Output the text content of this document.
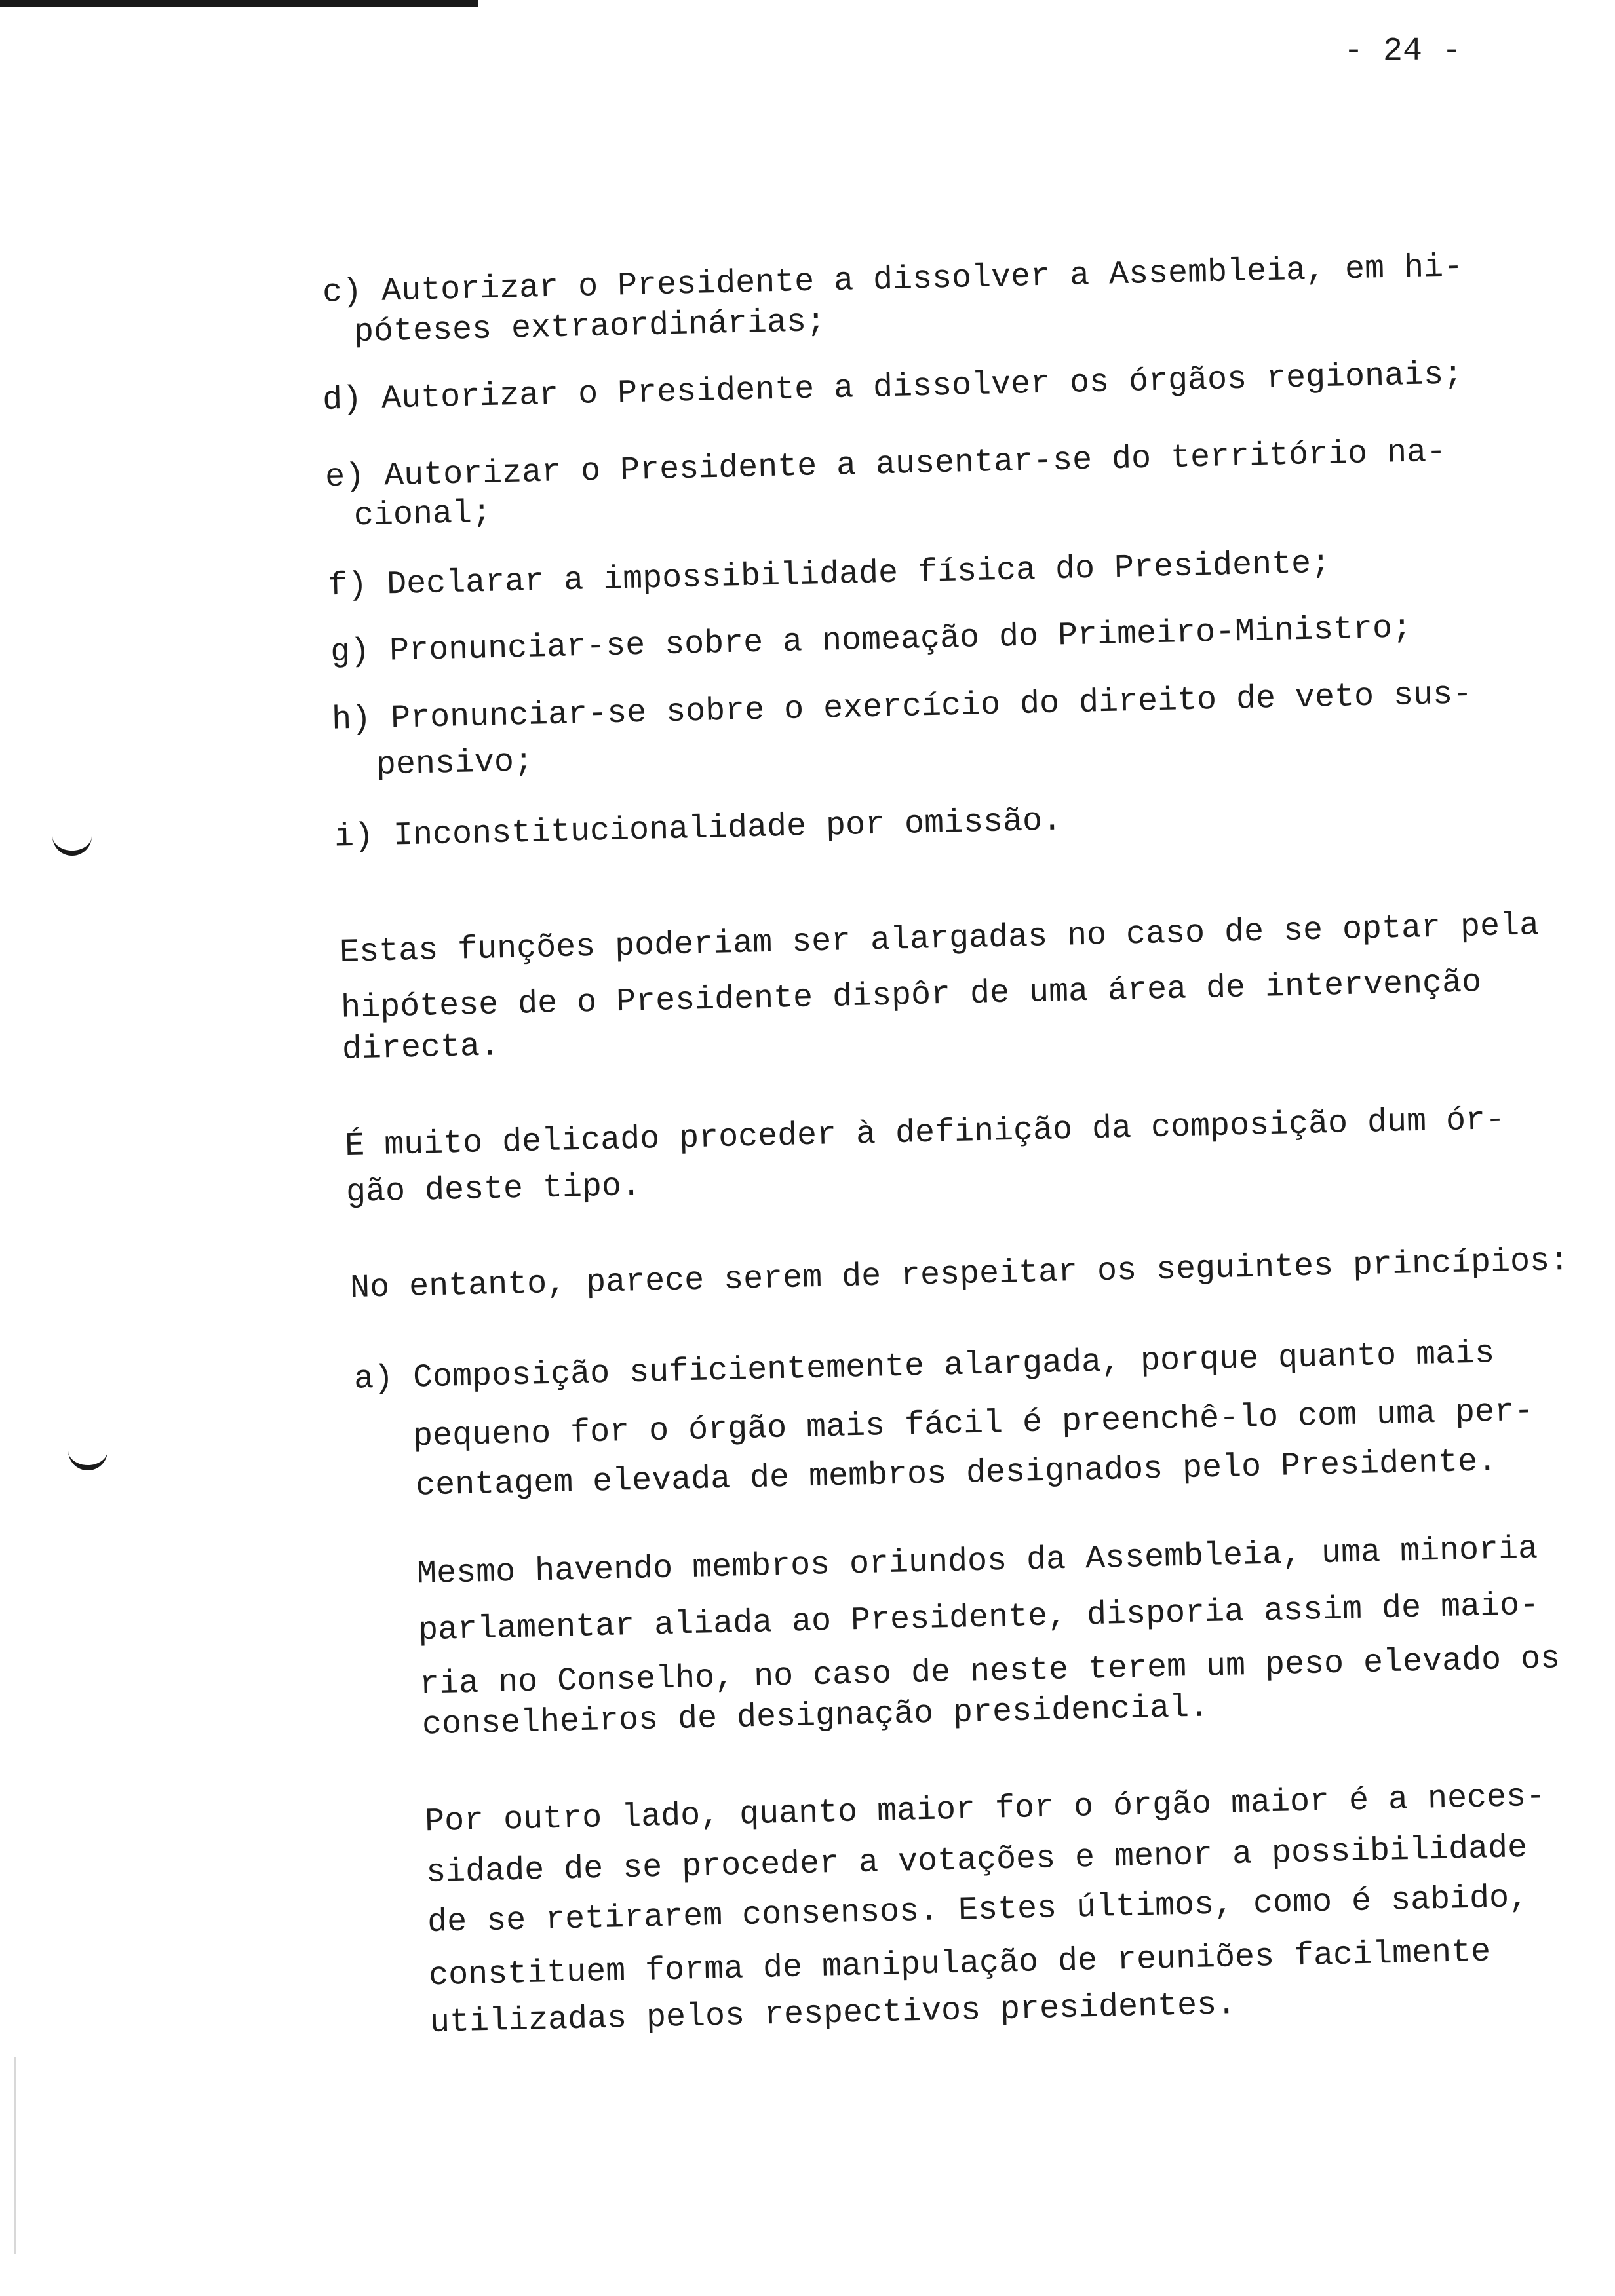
- 24 -
c) Autorizar o Presidente a dissolver a Assembleia, em hi-
póteses extraordinárias;
d) Autorizar o Presidente a dissolver os órgãos regionais;
e) Autorizar o Presidente a ausentar-se do território na-
cional;
f) Declarar a impossibilidade física do Presidente;
g) Pronunciar-se sobre a nomeação do Primeiro-Ministro;
h) Pronunciar-se sobre o exercício do direito de veto sus-
pensivo;
i) Inconstitucionalidade por omissão.
Estas funções poderiam ser alargadas no caso de se optar pela
hipótese de o Presidente dispôr de uma área de intervenção
directa.
É muito delicado proceder à definição da composição dum ór-
gão deste tipo.
No entanto, parece serem de respeitar os seguintes princípios:
a) Composição suficientemente alargada, porque quanto mais
pequeno for o órgão mais fácil é preenchê-lo com uma per-
centagem elevada de membros designados pelo Presidente.
Mesmo havendo membros oriundos da Assembleia, uma minoria
parlamentar aliada ao Presidente, disporia assim de maio-
ria no Conselho, no caso de neste terem um peso elevado os
conselheiros de designação presidencial.
Por outro lado, quanto maior for o órgão maior é a neces-
sidade de se proceder a votações e menor a possibilidade
de se retirarem consensos. Estes últimos, como é sabido,
constituem forma de manipulação de reuniões facilmente
utilizadas pelos respectivos presidentes.
